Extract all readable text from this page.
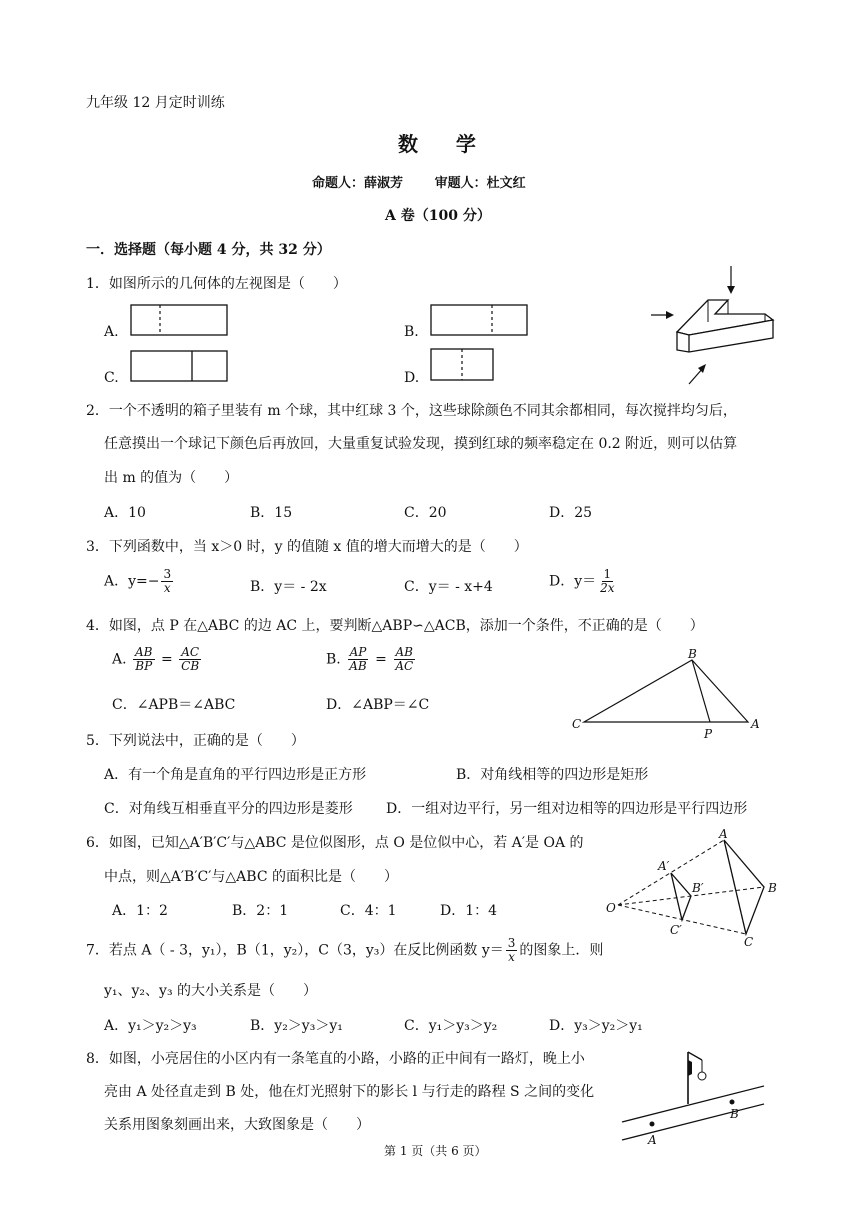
九年级 12 月定时训练
数    学
命题人：薛淑芳       审题人：杜文红
A 卷（100 分）
一．选择题（每小题 4 分，共 32 分）
1．如图所示的几何体的左视图是（　　）
A.	B.
C.	D.
2．一个不透明的箱子里装有 m 个球，其中红球 3 个，这些球除颜色不同其余都相同，每次搅拌均匀后，
任意摸出一个球记下颜色后再放回，大量重复试验发现，摸到红球的频率稳定在 0.2 附近，则可以估算
出 m 的值为（　　）
A．10	B．15	C．20	D．25
3．下列函数中，当 x＞0 时，y 的值随 x 值的增大而增大的是（　　）
A．$y=- \frac{3}{x}$	B．y＝ - 2x	C．y＝ - x+4	D．$y= \frac{1}{2x}$
4．如图，点 P 在△ABC 的边 AC 上，要判断△ABP∽△ACB，添加一个条件，不正确的是（　　）
A. $\frac{AB}{BP} = \frac{AC}{CB}$	B. $\frac{AP}{AB} = \frac{AB}{AC}$
C．∠APB＝∠ABC	D．∠ABP＝∠C
B
C
P
A
5．下列说法中，正确的是（　　）
A．有一个角是直角的平行四边形是正方形	B．对角线相等的四边形是矩形
C．对角线互相垂直平分的四边形是菱形 D．一组对边平行，另一组对边相等的四边形是平行四边形
6．如图，已知△A′B′C′与△ABC 是位似图形，点 O 是位似中心，若 A′是 OA 的
中点，则△A′B′C′与△ABC 的面积比是（　　）
A．1：2	B．2：1	C．4：1	D．1：4	O
A
A′
B′	B
C′
C
7．若点 A（ - 3，y₁），B（1，y₂），C（3，y₃）在反比例函数 $y= \frac{3}{x}$ 的图象上．则
y₁、y₂、y₃ 的大小关系是（　　）
A．y₁＞y₂＞y₃	B．y₂＞y₃＞y₁	C．y₁＞y₃＞y₂	D．y₃＞y₂＞y₁
8．如图，小亮居住的小区内有一条笔直的小路，小路的正中间有一路灯，晚上小
亮由 A 处径直走到 B 处，他在灯光照射下的影长 l 与行走的路程 S 之间的变化
关系用图象刻画出来，大致图象是（　　）
A
B
第 1 页（共 6 页）
